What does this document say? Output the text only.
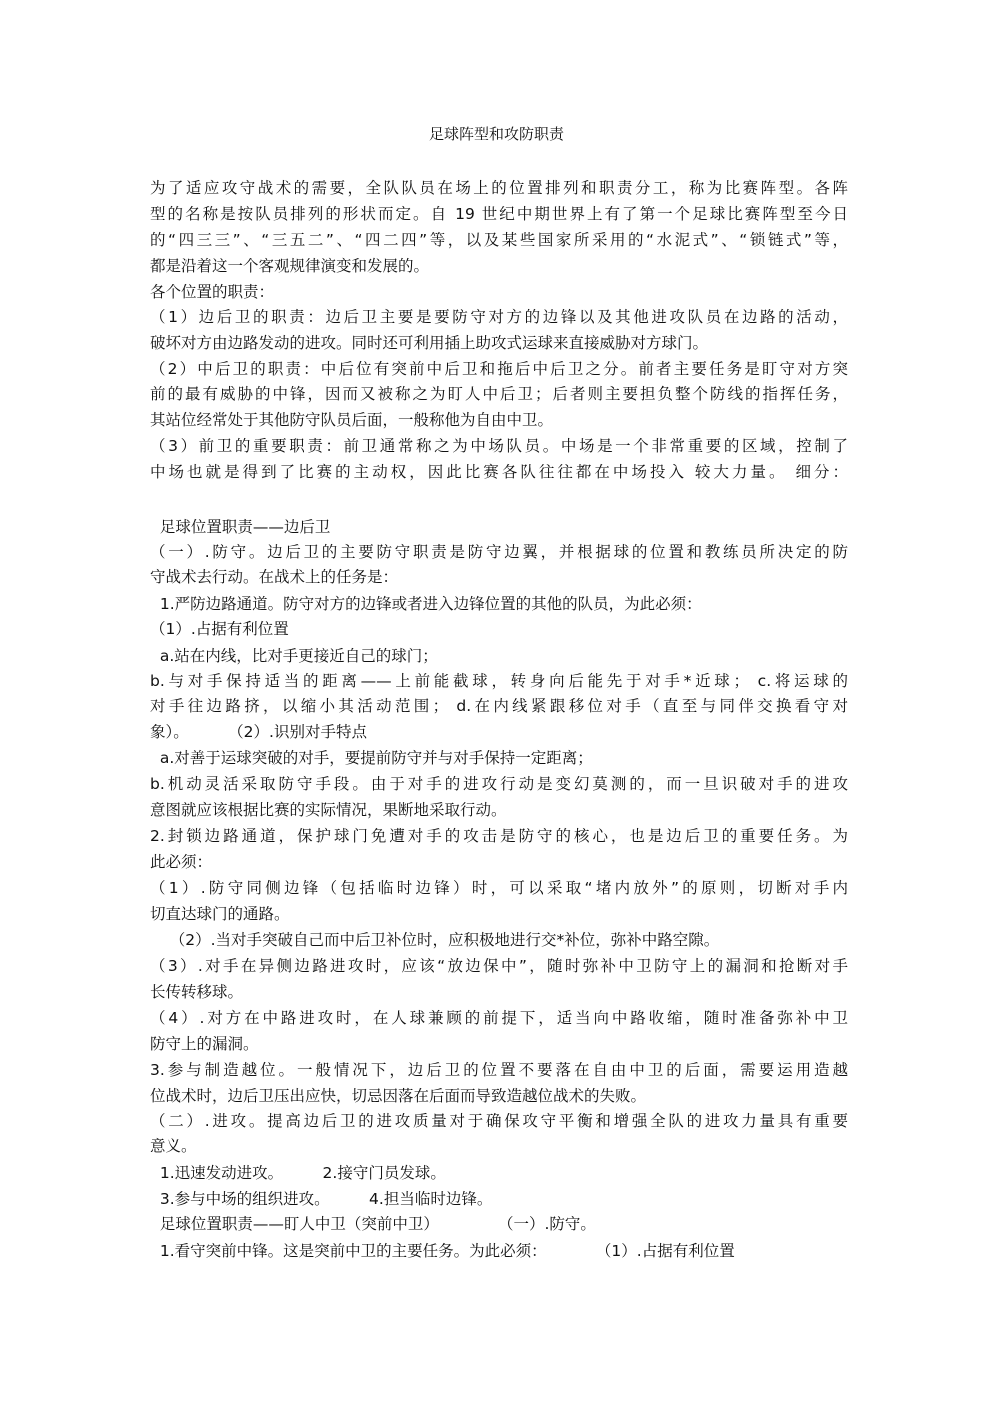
足球阵型和攻防职责
为了适应攻守战术的需要，全队队员在场上的位置排列和职责分工，称为比赛阵型。各阵
型的名称是按队员排列的形状而定。自 19 世纪中期世界上有了第一个足球比赛阵型至今日
的“四三三”、“三五二”、“四二四”等，以及某些国家所采用的“水泥式”、“锁链式”等，
都是沿着这一个客观规律演变和发展的。
各个位置的职责：
（1）边后卫的职责：边后卫主要是要防守对方的边锋以及其他进攻队员在边路的活动，
破坏对方由边路发动的进攻。同时还可利用插上助攻式运球来直接威胁对方球门。
（2）中后卫的职责：中后位有突前中后卫和拖后中后卫之分。前者主要任务是盯守对方突
前的最有威胁的中锋，因而又被称之为盯人中后卫；后者则主要担负整个防线的指挥任务，
其站位经常处于其他防守队员后面，一般称他为自由中卫。
（3）前卫的重要职责：前卫通常称之为中场队员。中场是一个非常重要的区域，控制了
中场也就是得到了比赛的主动权，因此比赛各队往往都在中场投入 较大力量。 细分：
足球位置职责——边后卫
（一）.防守。边后卫的主要防守职责是防守边翼，并根据球的位置和教练员所决定的防
守战术去行动。在战术上的任务是：
1.严防边路通道。防守对方的边锋或者进入边锋位置的其他的队员，为此必须：
（1）.占据有利位置
a.站在内线，比对手更接近自己的球门；
b.与对手保持适当的距离——上前能截球，转身向后能先于对手*近球； c.将运球的
对手往边路挤，以缩小其活动范围； d.在内线紧跟移位对手（直至与同伴交换看守对
象）。        （2）.识别对手特点
a.对善于运球突破的对手，要提前防守并与对手保持一定距离；
b.机动灵活采取防守手段。由于对手的进攻行动是变幻莫测的，而一旦识破对手的进攻
意图就应该根据比赛的实际情况，果断地采取行动。
2.封锁边路通道，保护球门免遭对手的攻击是防守的核心，也是边后卫的重要任务。为
此必须：
（1）.防守同侧边锋（包括临时边锋）时，可以采取“堵内放外”的原则，切断对手内
切直达球门的通路。
（2）.当对手突破自己而中后卫补位时，应积极地进行交*补位，弥补中路空隙。
（3）.对手在异侧边路进攻时，应该“放边保中”，随时弥补中卫防守上的漏洞和抢断对手
长传转移球。
（4）.对方在中路进攻时，在人球兼顾的前提下，适当向中路收缩，随时准备弥补中卫
防守上的漏洞。
3.参与制造越位。一般情况下，边后卫的位置不要落在自由中卫的后面，需要运用造越
位战术时，边后卫压出应快，切忌因落在后面而导致造越位战术的失败。
（二）.进攻。提高边后卫的进攻质量对于确保攻守平衡和增强全队的进攻力量具有重要
意义。
1.迅速发动进攻。        2.接守门员发球。
3.参与中场的组织进攻。        4.担当临时边锋。
足球位置职责——盯人中卫（突前中卫）            （一）.防守。
1.看守突前中锋。这是突前中卫的主要任务。为此必须：          （1）.占据有利位置
